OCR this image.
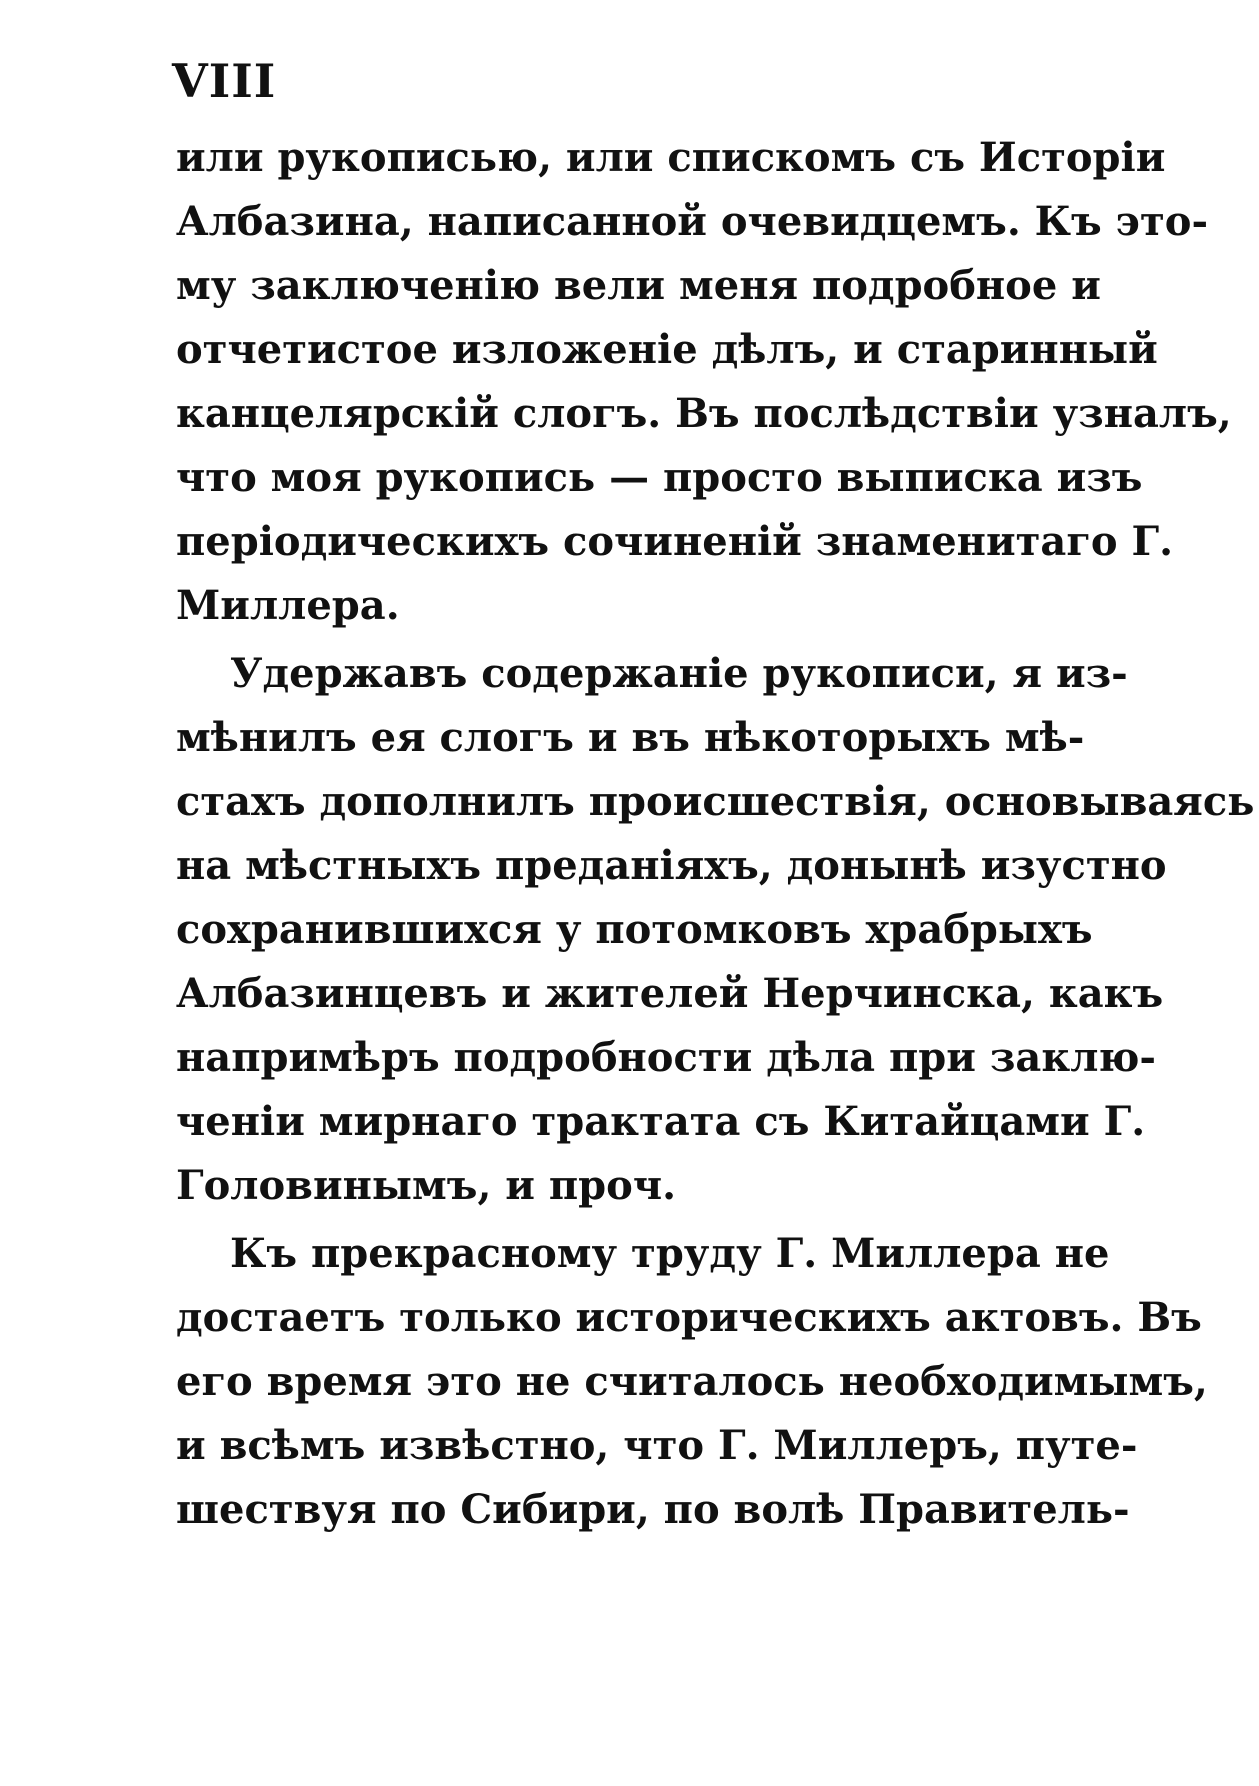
VIII

или рукописью, или спискомъ съ Исторіи

Албазина, написанной очевидцемъ. Къ это-

му заключенію вели меня подробное и

отчетистое изложеніе дѣлъ, и старинный

канцелярскій слогъ. Въ послѣдствіи узналъ,

что моя рукопись — просто выписка изъ

періодическихъ сочиненій знаменитаго Г.

Миллера.

Удержавъ содержаніе рукописи, я из-

мѣнилъ ея слогъ и въ нѣкоторыхъ мѣ-

стахъ дополнилъ происшествія, основываясь

на мѣстныхъ преданіяхъ, донынѣ изустно

сохранившихся у потомковъ храбрыхъ

Албазинцевъ и жителей Нерчинска, какъ

напримѣръ подробности дѣла при заклю-

ченіи мирнаго трактата съ Китайцами Г.

Головинымъ, и проч.

Къ прекрасному труду Г. Миллера не

достаетъ только историческихъ актовъ. Въ

его время это не считалось необходимымъ,

и всѣмъ извѣстно, что Г. Миллеръ, путе-

шествуя по Сибири, по волѣ Правитель-
